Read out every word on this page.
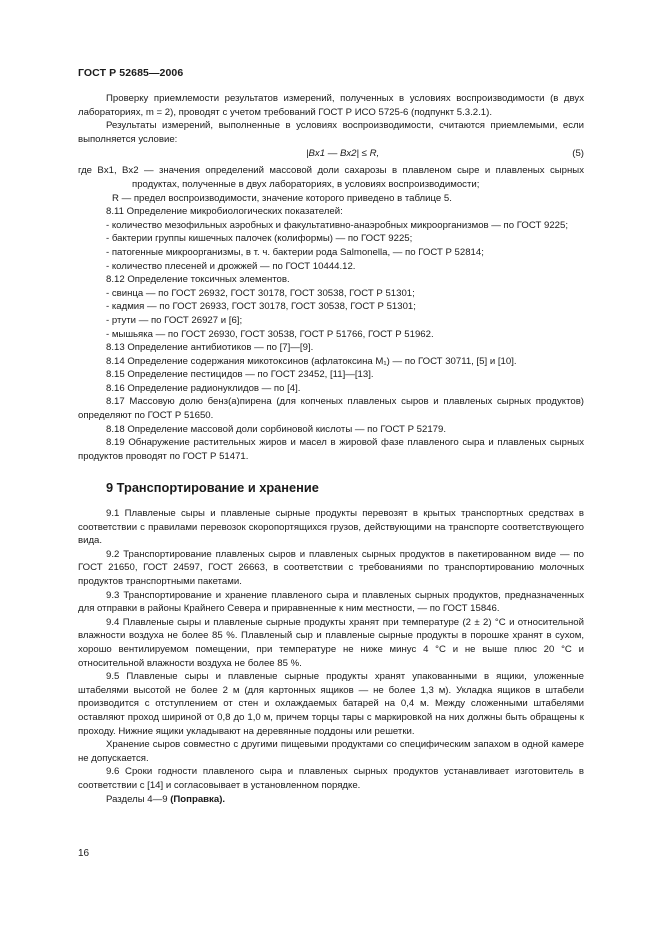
ГОСТ Р 52685—2006

Проверку приемлемости результатов измерений, полученных в условиях воспроизводимости (в двух лабораториях, m = 2), проводят с учетом требований ГОСТ Р ИСО 5725-6 (подпункт 5.3.2.1).

Результаты измерений, выполненные в условиях воспроизводимости, считаются приемлемыми, если выполняется условие:

|Bx1 — Bx2| ≤ R,	(5)

где Bx1, Bx2 — значения определений массовой доли сахарозы в плавленом сыре и плавленых сырных продуктах, полученные в двух лабораториях, в условиях воспроизводимости;

R — предел воспроизводимости, значение которого приведено в таблице 5.

8.11 Определение микробиологических показателей:

- количество мезофильных аэробных и факультативно-анаэробных микроорганизмов — по ГОСТ 9225;

- бактерии группы кишечных палочек (колиформы) — по ГОСТ 9225;

- патогенные микроорганизмы, в т. ч. бактерии рода Salmonella, — по ГОСТ Р 52814;

- количество плесеней и дрожжей — по ГОСТ 10444.12.

8.12 Определение токсичных элементов.

- свинца — по ГОСТ 26932, ГОСТ 30178, ГОСТ 30538, ГОСТ Р 51301;

- кадмия — по ГОСТ 26933, ГОСТ 30178, ГОСТ 30538, ГОСТ Р 51301;

- ртути — по ГОСТ 26927 и [6];

- мышьяка — по ГОСТ 26930, ГОСТ 30538, ГОСТ Р 51766, ГОСТ Р 51962.

8.13 Определение антибиотиков — по [7]—[9].

8.14 Определение содержания микотоксинов (афлатоксина M₁) — по ГОСТ 30711, [5] и [10].

8.15 Определение пестицидов — по ГОСТ 23452, [11]—[13].

8.16 Определение радионуклидов — по [4].

8.17 Массовую долю бенз(а)пирена (для копченых плавленых сыров и плавленых сырных продуктов) определяют по ГОСТ Р 51650.

8.18 Определение массовой доли сорбиновой кислоты — по ГОСТ Р 52179.

8.19 Обнаружение растительных жиров и масел в жировой фазе плавленого сыра и плавленых сырных продуктов проводят по ГОСТ Р 51471.

9 Транспортирование и хранение

9.1 Плавленые сыры и плавленые сырные продукты перевозят в крытых транспортных средствах в соответствии с правилами перевозок скоропортящихся грузов, действующими на транспорте соответствующего вида.

9.2 Транспортирование плавленых сыров и плавленых сырных продуктов в пакетированном виде — по ГОСТ 21650, ГОСТ 24597, ГОСТ 26663, в соответствии с требованиями по транспортированию молочных продуктов транспортными пакетами.

9.3 Транспортирование и хранение плавленого сыра и плавленых сырных продуктов, предназначенных для отправки в районы Крайнего Севера и приравненные к ним местности, — по ГОСТ 15846.

9.4 Плавленые сыры и плавленые сырные продукты хранят при температуре (2 ± 2) °С и относительной влажности воздуха не более 85 %. Плавленый сыр и плавленые сырные продукты в порошке хранят в сухом, хорошо вентилируемом помещении, при температуре не ниже минус 4 °С и не выше плюс 20 °С и относительной влажности воздуха не более 85 %.

9.5 Плавленые сыры и плавленые сырные продукты хранят упакованными в ящики, уложенные штабелями высотой не более 2 м (для картонных ящиков — не более 1,3 м). Укладка ящиков в штабели производится с отступлением от стен и охлаждаемых батарей на 0,4 м. Между сложенными штабелями оставляют проход шириной от 0,8 до 1,0 м, причем торцы тары с маркировкой на них должны быть обращены к проходу. Нижние ящики укладывают на деревянные поддоны или решетки.

Хранение сыров совместно с другими пищевыми продуктами со специфическим запахом в одной камере не допускается.

9.6 Сроки годности плавленого сыра и плавленых сырных продуктов устанавливает изготовитель в соответствии с [14] и согласовывает в установленном порядке.

Разделы 4—9 (Поправка).

16
